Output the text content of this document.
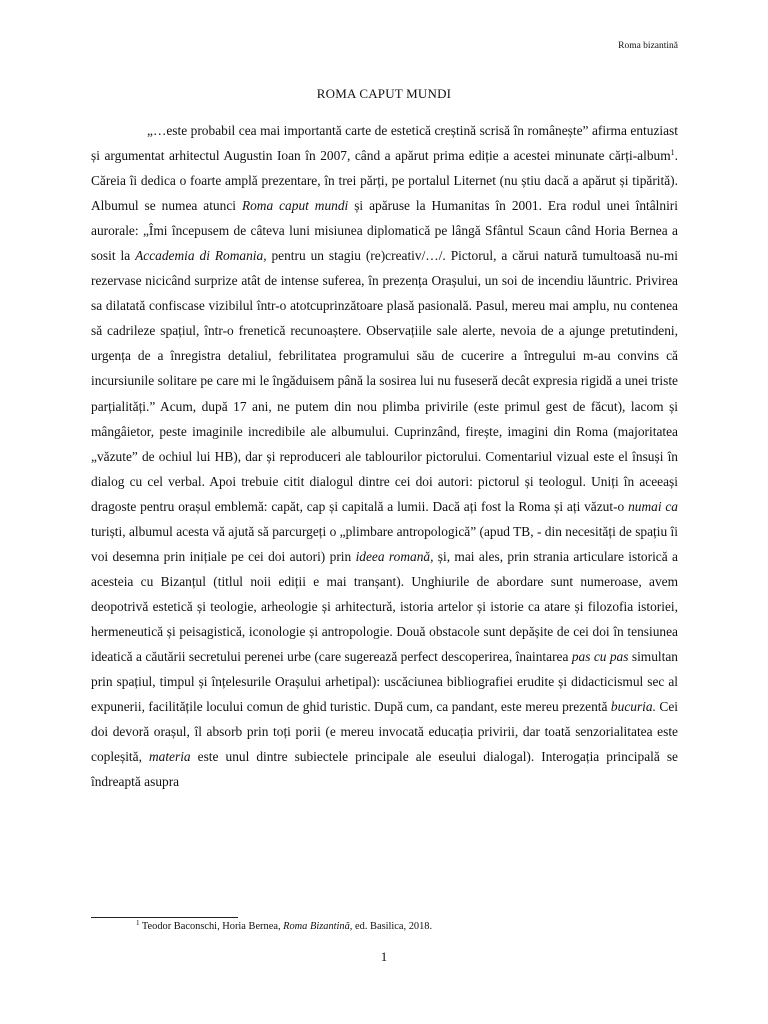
Roma bizantină
ROMA CAPUT MUNDI

„…este probabil cea mai importantă carte de estetică creștină scrisă în românește” afirma entuziast și argumentat arhitectul Augustin Ioan în 2007, când a apărut prima ediție a acestei minunate cărți-album$^1$. Căreia îi dedica o foarte amplă prezentare, în trei părți, pe portalul Liternet (nu știu dacă a apărut și tipărită). Albumul se numea atunci Roma caput mundi și apăruse la Humanitas în 2001. Era rodul unei întâlniri aurorale: „Îmi începusem de câteva luni misiunea diplomatică pe lângă Sfântul Scaun când Horia Bernea a sosit la Accademia di Romania, pentru un stagiu (re)creativ/…/. Pictorul, a cărui natură tumultoasă nu-mi rezervase nicicând surprize atât de intense suferea, în prezența Orașului, un soi de incendiu lăuntric. Privirea sa dilatată confiscase vizibilul într-o atotcuprinzătoare plasă pasională. Pasul, mereu mai amplu, nu contenea să cadrileze spațiul, într-o frenetică recunoaștere. Observațiile sale alerte, nevoia de a ajunge pretutindeni, urgența de a înregistra detaliul, febrilitatea programului său de cucerire a întregului m-au convins că incursiunile solitare pe care mi le îngăduisem până la sosirea lui nu fuseseră decât expresia rigidă a unei triste parțialități.” Acum, după 17 ani, ne putem din nou plimba privirile (este primul gest de făcut), lacom și mângâietor, peste imaginile incredibile ale albumului. Cuprinzând, firește, imagini din Roma (majoritatea „văzute” de ochiul lui HB), dar și reproduceri ale tablourilor pictorului. Comentariul vizual este el însuși în dialog cu cel verbal. Apoi trebuie citit dialogul dintre cei doi autori: pictorul și teologul. Uniți în aceeași dragoste pentru orașul emblemă: capăt, cap și capitală a lumii. Dacă ați fost la Roma și ați văzut-o numai ca turiști, albumul acesta vă ajută să parcurgeți o „plimbare antropologică” (apud TB, - din necesități de spațiu îi voi desemna prin inițiale pe cei doi autori) prin ideea romană, și, mai ales, prin strania articulare istorică a acesteia cu Bizanțul (titlul noii ediții e mai tranșant). Unghiurile de abordare sunt numeroase, avem deopotrivă estetică și teologie, arheologie și arhitectură, istoria artelor și istorie ca atare și filozofia istoriei, hermeneutică și peisagistică, iconologie și antropologie. Două obstacole sunt depășite de cei doi în tensiunea ideatică a căutării secretului perenei urbe (care sugerează perfect descoperirea, înaintarea pas cu pas simultan prin spațiul, timpul și înțelesurile Orașului arhetipal): uscăciunea bibliografiei erudite și didacticismul sec al expunerii, facilitățile locului comun de ghid turistic. După cum, ca pandant, este mereu prezentă bucuria. Cei doi devoră orașul, îl absorb prin toți porii (e mereu invocată educația privirii, dar toată senzorialitatea este copleșită, materia este unul dintre subiectele principale ale eseului dialogal). Interogația principală se îndreaptă asupra

$^1$ Teodor Baconschi, Horia Bernea, Roma Bizantină, ed. Basilica, 2018.
1
